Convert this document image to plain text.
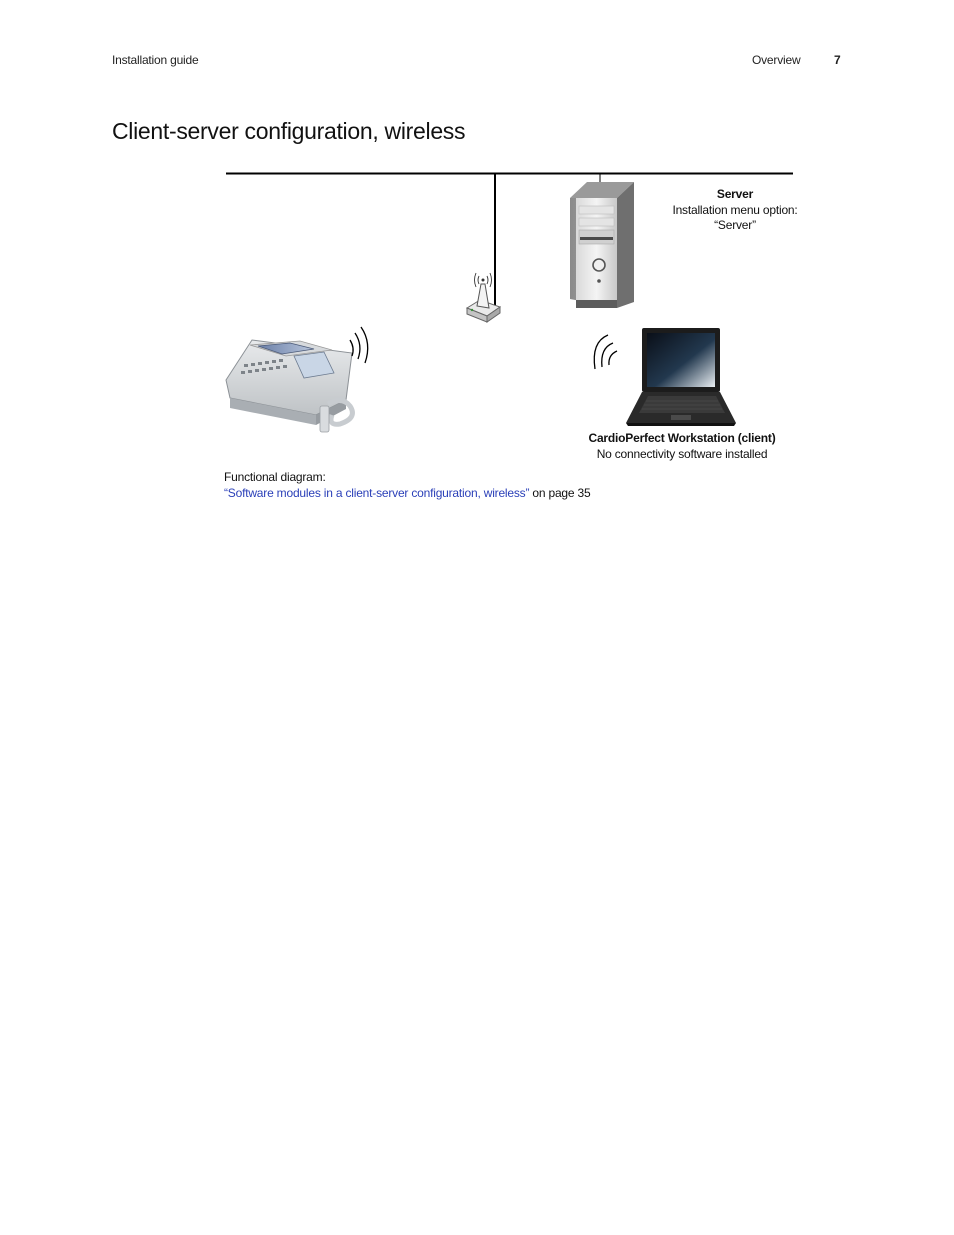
Installation guide	Overview	7
Client-server configuration, wireless
Server
Installation menu option:
“Server”
CardioPerfect Workstation (client)
No connectivity software installed
Functional diagram:
“Software modules in a client-server configuration, wireless” on page 35
